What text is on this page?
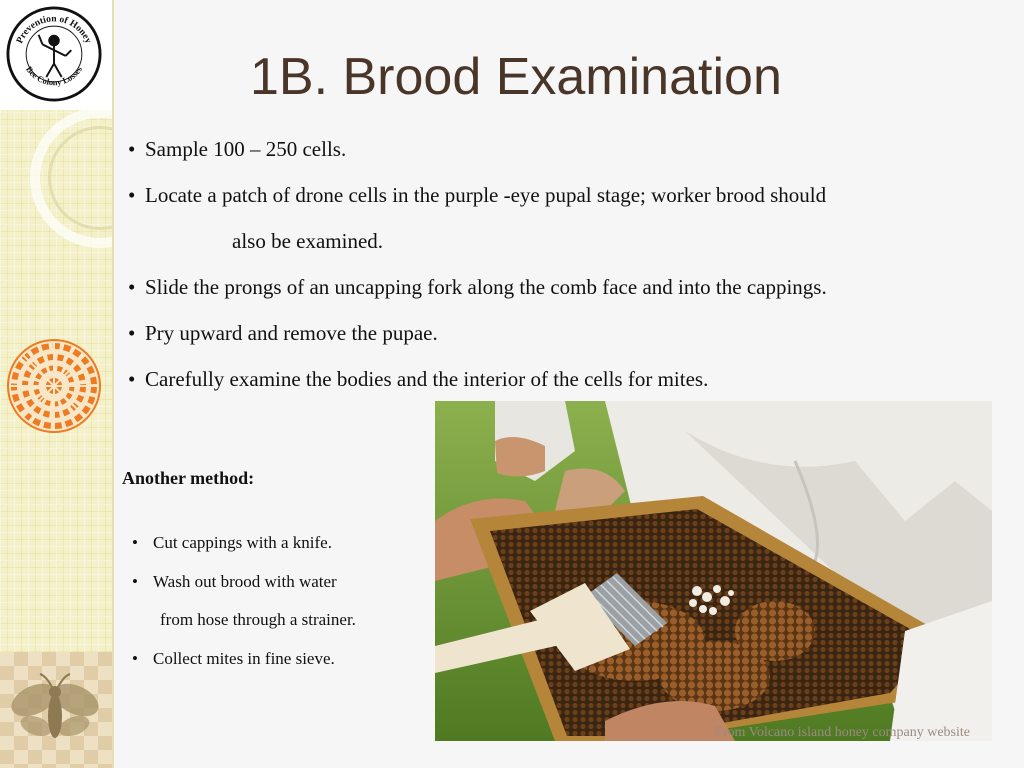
Prevention of Honey
Bee Colony Losses	1B. Brood Examination
• Sample 100 – 250 cells.
• Locate a patch of drone cells in the purple -eye pupal stage; worker brood should
also be examined.
• Slide the prongs of an uncapping fork along the comb face and into the cappings.
• Pry upward and remove the pupae.
• Carefully examine the bodies and the interior of the cells for mites.

Another method:

• Cut cappings with a knife.
• Wash out brood with water
from hose through a strainer.
• Collect mites in fine sieve.
From Volcano island honey company website
